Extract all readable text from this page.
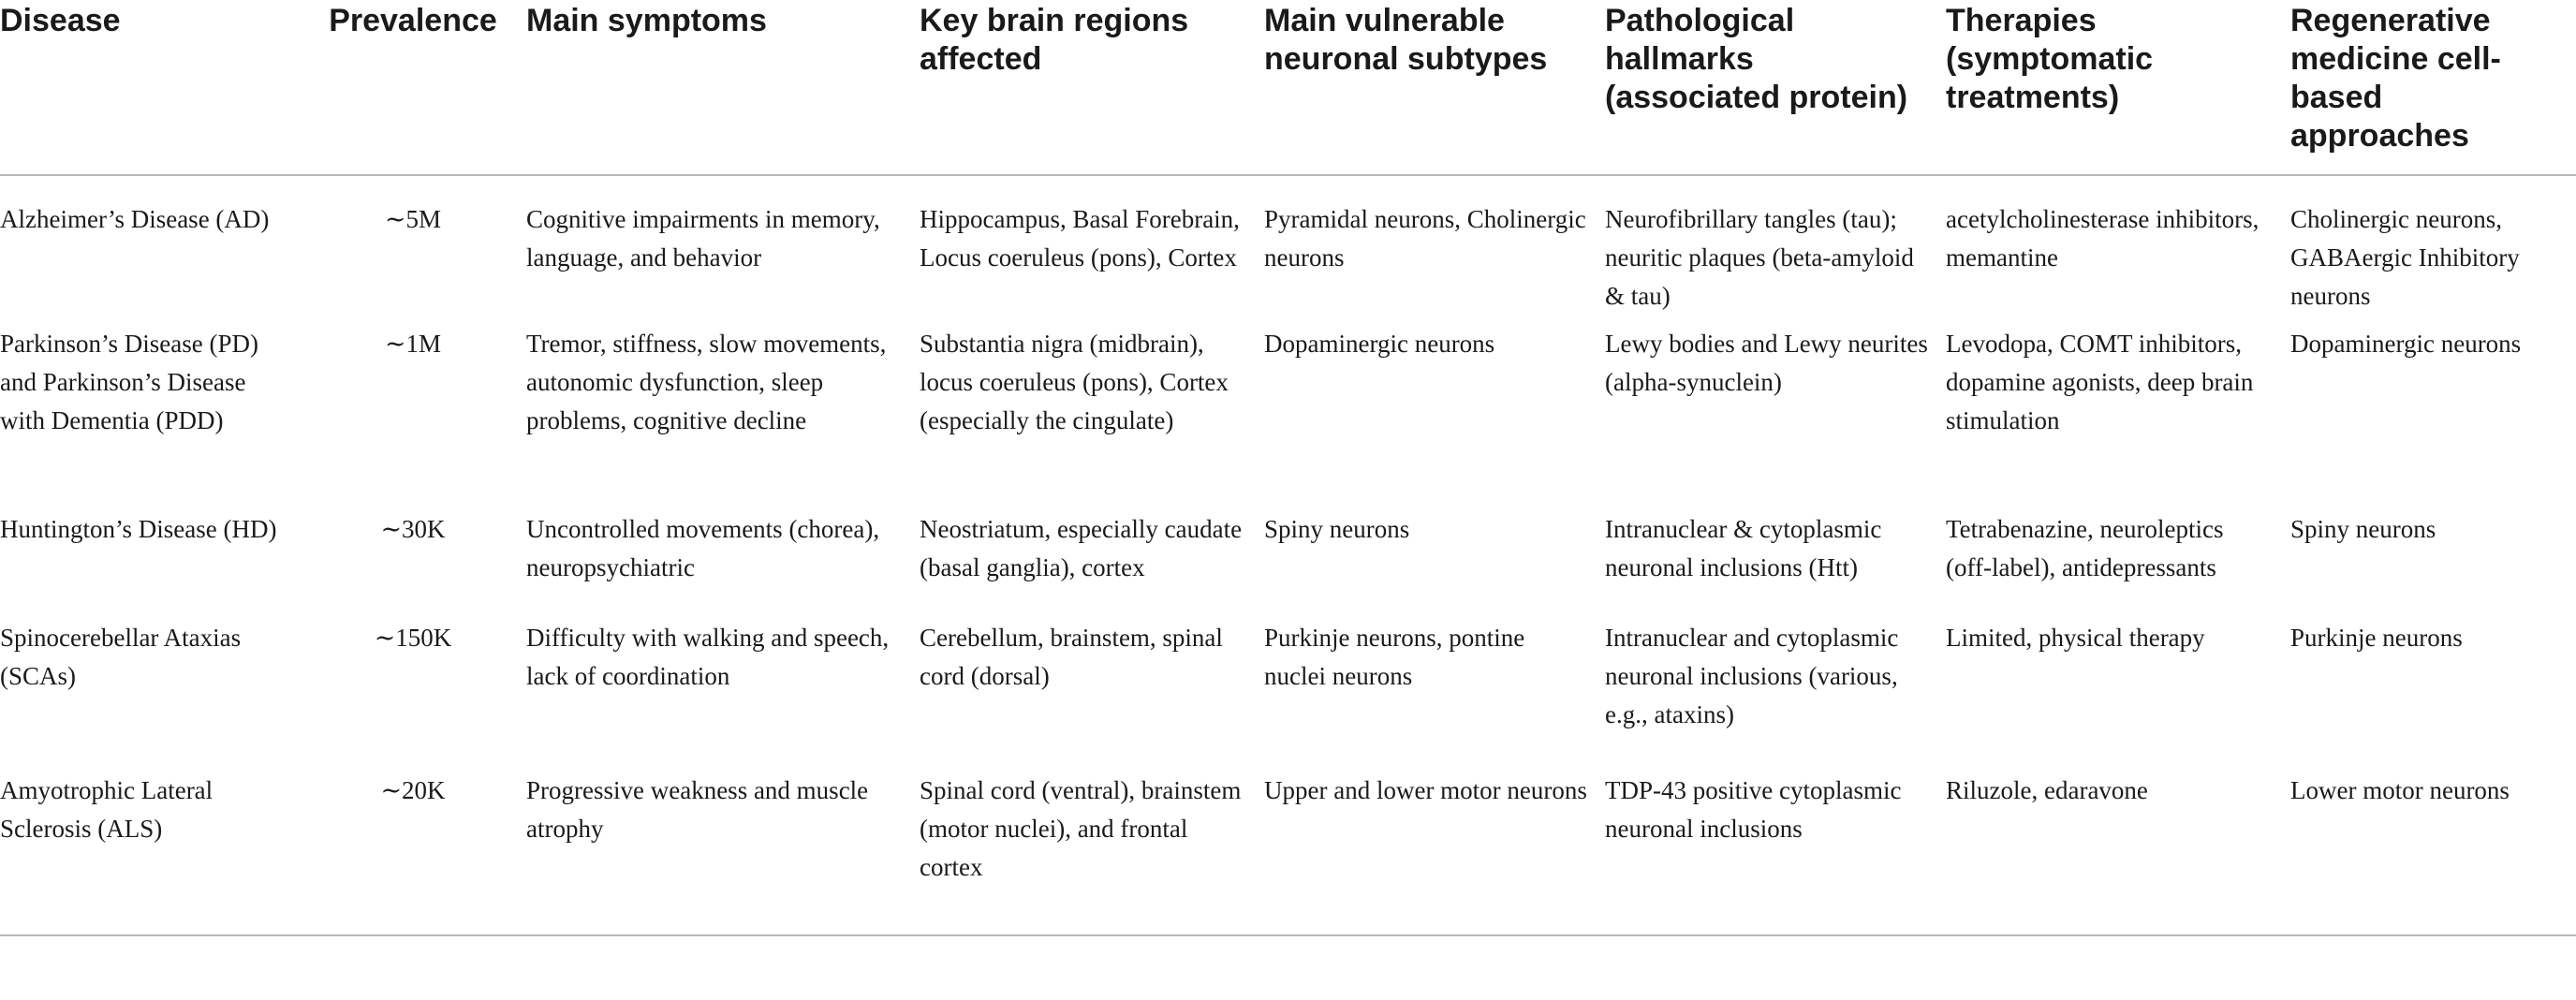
Disease	Prevalence	Main symptoms	Key brain regions affected	Main vulnerable neuronal subtypes	Pathological hallmarks (associated protein)	Therapies (symptomatic treatments)	Regenerative medicine cell-based approaches

Alzheimer’s Disease (AD)	∼5M	Cognitive impairments in memory, language, and behavior	Hippocampus, Basal Forebrain, Locus coeruleus (pons), Cortex	Pyramidal neurons, Cholinergic neurons	Neurofibrillary tangles (tau); neuritic plaques (beta-amyloid & tau)	acetylcholinesterase inhibitors, memantine	Cholinergic neurons, GABAergic Inhibitory neurons

Parkinson’s Disease (PD) and Parkinson’s Disease with Dementia (PDD)	∼1M	Tremor, stiffness, slow movements, autonomic dysfunction, sleep problems, cognitive decline	Substantia nigra (midbrain), locus coeruleus (pons), Cortex (especially the cingulate)	Dopaminergic neurons	Lewy bodies and Lewy neurites (alpha-synuclein)	Levodopa, COMT inhibitors, dopamine agonists, deep brain stimulation	Dopaminergic neurons

Huntington’s Disease (HD)	∼30K	Uncontrolled movements (chorea), neuropsychiatric	Neostriatum, especially caudate (basal ganglia), cortex	Spiny neurons	Intranuclear & cytoplasmic neuronal inclusions (Htt)	Tetrabenazine, neuroleptics (off-label), antidepressants	Spiny neurons

Spinocerebellar Ataxias (SCAs)	∼150K	Difficulty with walking and speech, lack of coordination	Cerebellum, brainstem, spinal cord (dorsal)	Purkinje neurons, pontine nuclei neurons	Intranuclear and cytoplasmic neuronal inclusions (various, e.g., ataxins)	Limited, physical therapy	Purkinje neurons

Amyotrophic Lateral Sclerosis (ALS)	∼20K	Progressive weakness and muscle atrophy	Spinal cord (ventral), brainstem (motor nuclei), and frontal cortex	Upper and lower motor neurons	TDP-43 positive cytoplasmic neuronal inclusions	Riluzole, edaravone	Lower motor neurons
